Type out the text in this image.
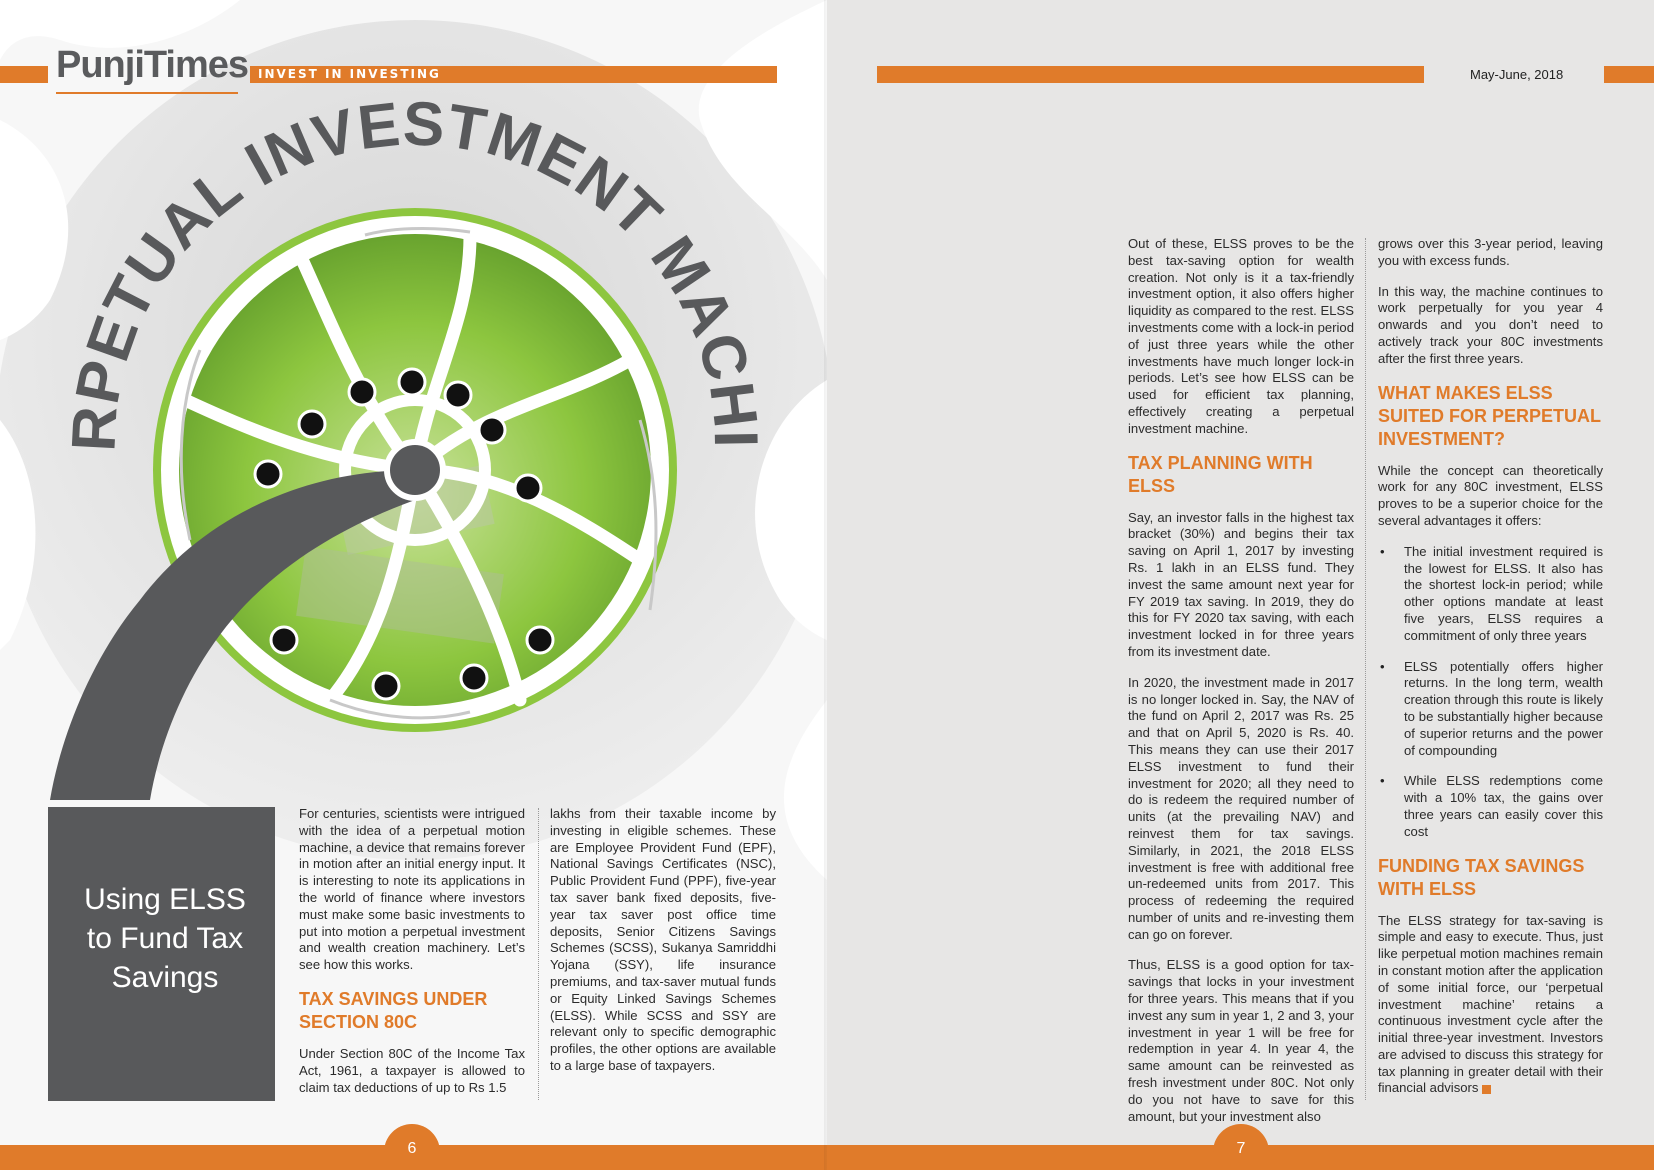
PunjiTimes INVEST IN INVESTING
RPETUAL INVESTMENT MACHI
Using ELSS
to Fund Tax
Savings

For centuries, scientists were intrigued with the idea of a perpetual motion machine, a device that remains forever in motion after an initial energy input. It is interesting to note its applications in the world of finance where investors must make some basic investments to put into motion a perpetual investment and wealth creation machinery. Let’s see how this works.

TAX SAVINGS UNDER SECTION 80C

Under Section 80C of the Income Tax Act, 1961, a taxpayer is allowed to claim tax deductions of up to Rs 1.5

lakhs from their taxable income by investing in eligible schemes. These are Employee Provident Fund (EPF), National Savings Certificates (NSC), Public Provident Fund (PPF), five-year tax saver bank fixed deposits, five-year tax saver post office time deposits, Senior Citizens Savings Schemes (SCSS), Sukanya Samriddhi Yojana (SSY), life insurance premiums, and tax-saver mutual funds or Equity Linked Savings Schemes (ELSS). While SCSS and SSY are relevant only to specific demographic profiles, the other options are available to a large base of taxpayers.

6
May-June, 2018

Out of these, ELSS proves to be the best tax-saving option for wealth creation. Not only is it a tax-friendly investment option, it also offers higher liquidity as compared to the rest. ELSS investments come with a lock-in period of just three years while the other investments have much longer lock-in periods. Let’s see how ELSS can be used for efficient tax planning, effectively creating a perpetual investment machine.

TAX PLANNING WITH ELSS

Say, an investor falls in the highest tax bracket (30%) and begins their tax saving on April 1, 2017 by investing Rs. 1 lakh in an ELSS fund. They invest the same amount next year for FY 2019 tax saving. In 2019, they do this for FY 2020 tax saving, with each investment locked in for three years from its investment date.

In 2020, the investment made in 2017 is no longer locked in. Say, the NAV of the fund on April 2, 2017 was Rs. 25 and that on April 5, 2020 is Rs. 40. This means they can use their 2017 ELSS investment to fund their investment for 2020; all they need to do is redeem the required number of units (at the prevailing NAV) and reinvest them for tax savings. Similarly, in 2021, the 2018 ELSS investment is free with additional free un-redeemed units from 2017. This process of redeeming the required number of units and re-investing them can go on forever.

Thus, ELSS is a good option for tax-savings that locks in your investment for three years. This means that if you invest any sum in year 1, 2 and 3, your investment in year 1 will be free for redemption in year 4. In year 4, the same amount can be reinvested as fresh investment under 80C. Not only do you not have to save for this amount, but your investment also

grows over this 3-year period, leaving you with excess funds.

In this way, the machine continues to work perpetually for you year 4 onwards and you don’t need to actively track your 80C investments after the first three years.

WHAT MAKES ELSS SUITED FOR PERPETUAL INVESTMENT?

While the concept can theoretically work for any 80C investment, ELSS proves to be a superior choice for the several advantages it offers:

• The initial investment required is the lowest for ELSS. It also has the shortest lock-in period; while other options mandate at least five years, ELSS requires a commitment of only three years
• ELSS potentially offers higher returns. In the long term, wealth creation through this route is likely to be substantially higher because of superior returns and the power of compounding
• While ELSS redemptions come with a 10% tax, the gains over three years can easily cover this cost
FUNDING TAX SAVINGS WITH ELSS

The ELSS strategy for tax-saving is simple and easy to execute. Thus, just like perpetual motion machines remain in constant motion after the application of some initial force, our ‘perpetual investment machine’ retains a continuous investment cycle after the initial three-year investment. Investors are advised to discuss this strategy for tax planning in greater detail with their financial advisors

7
